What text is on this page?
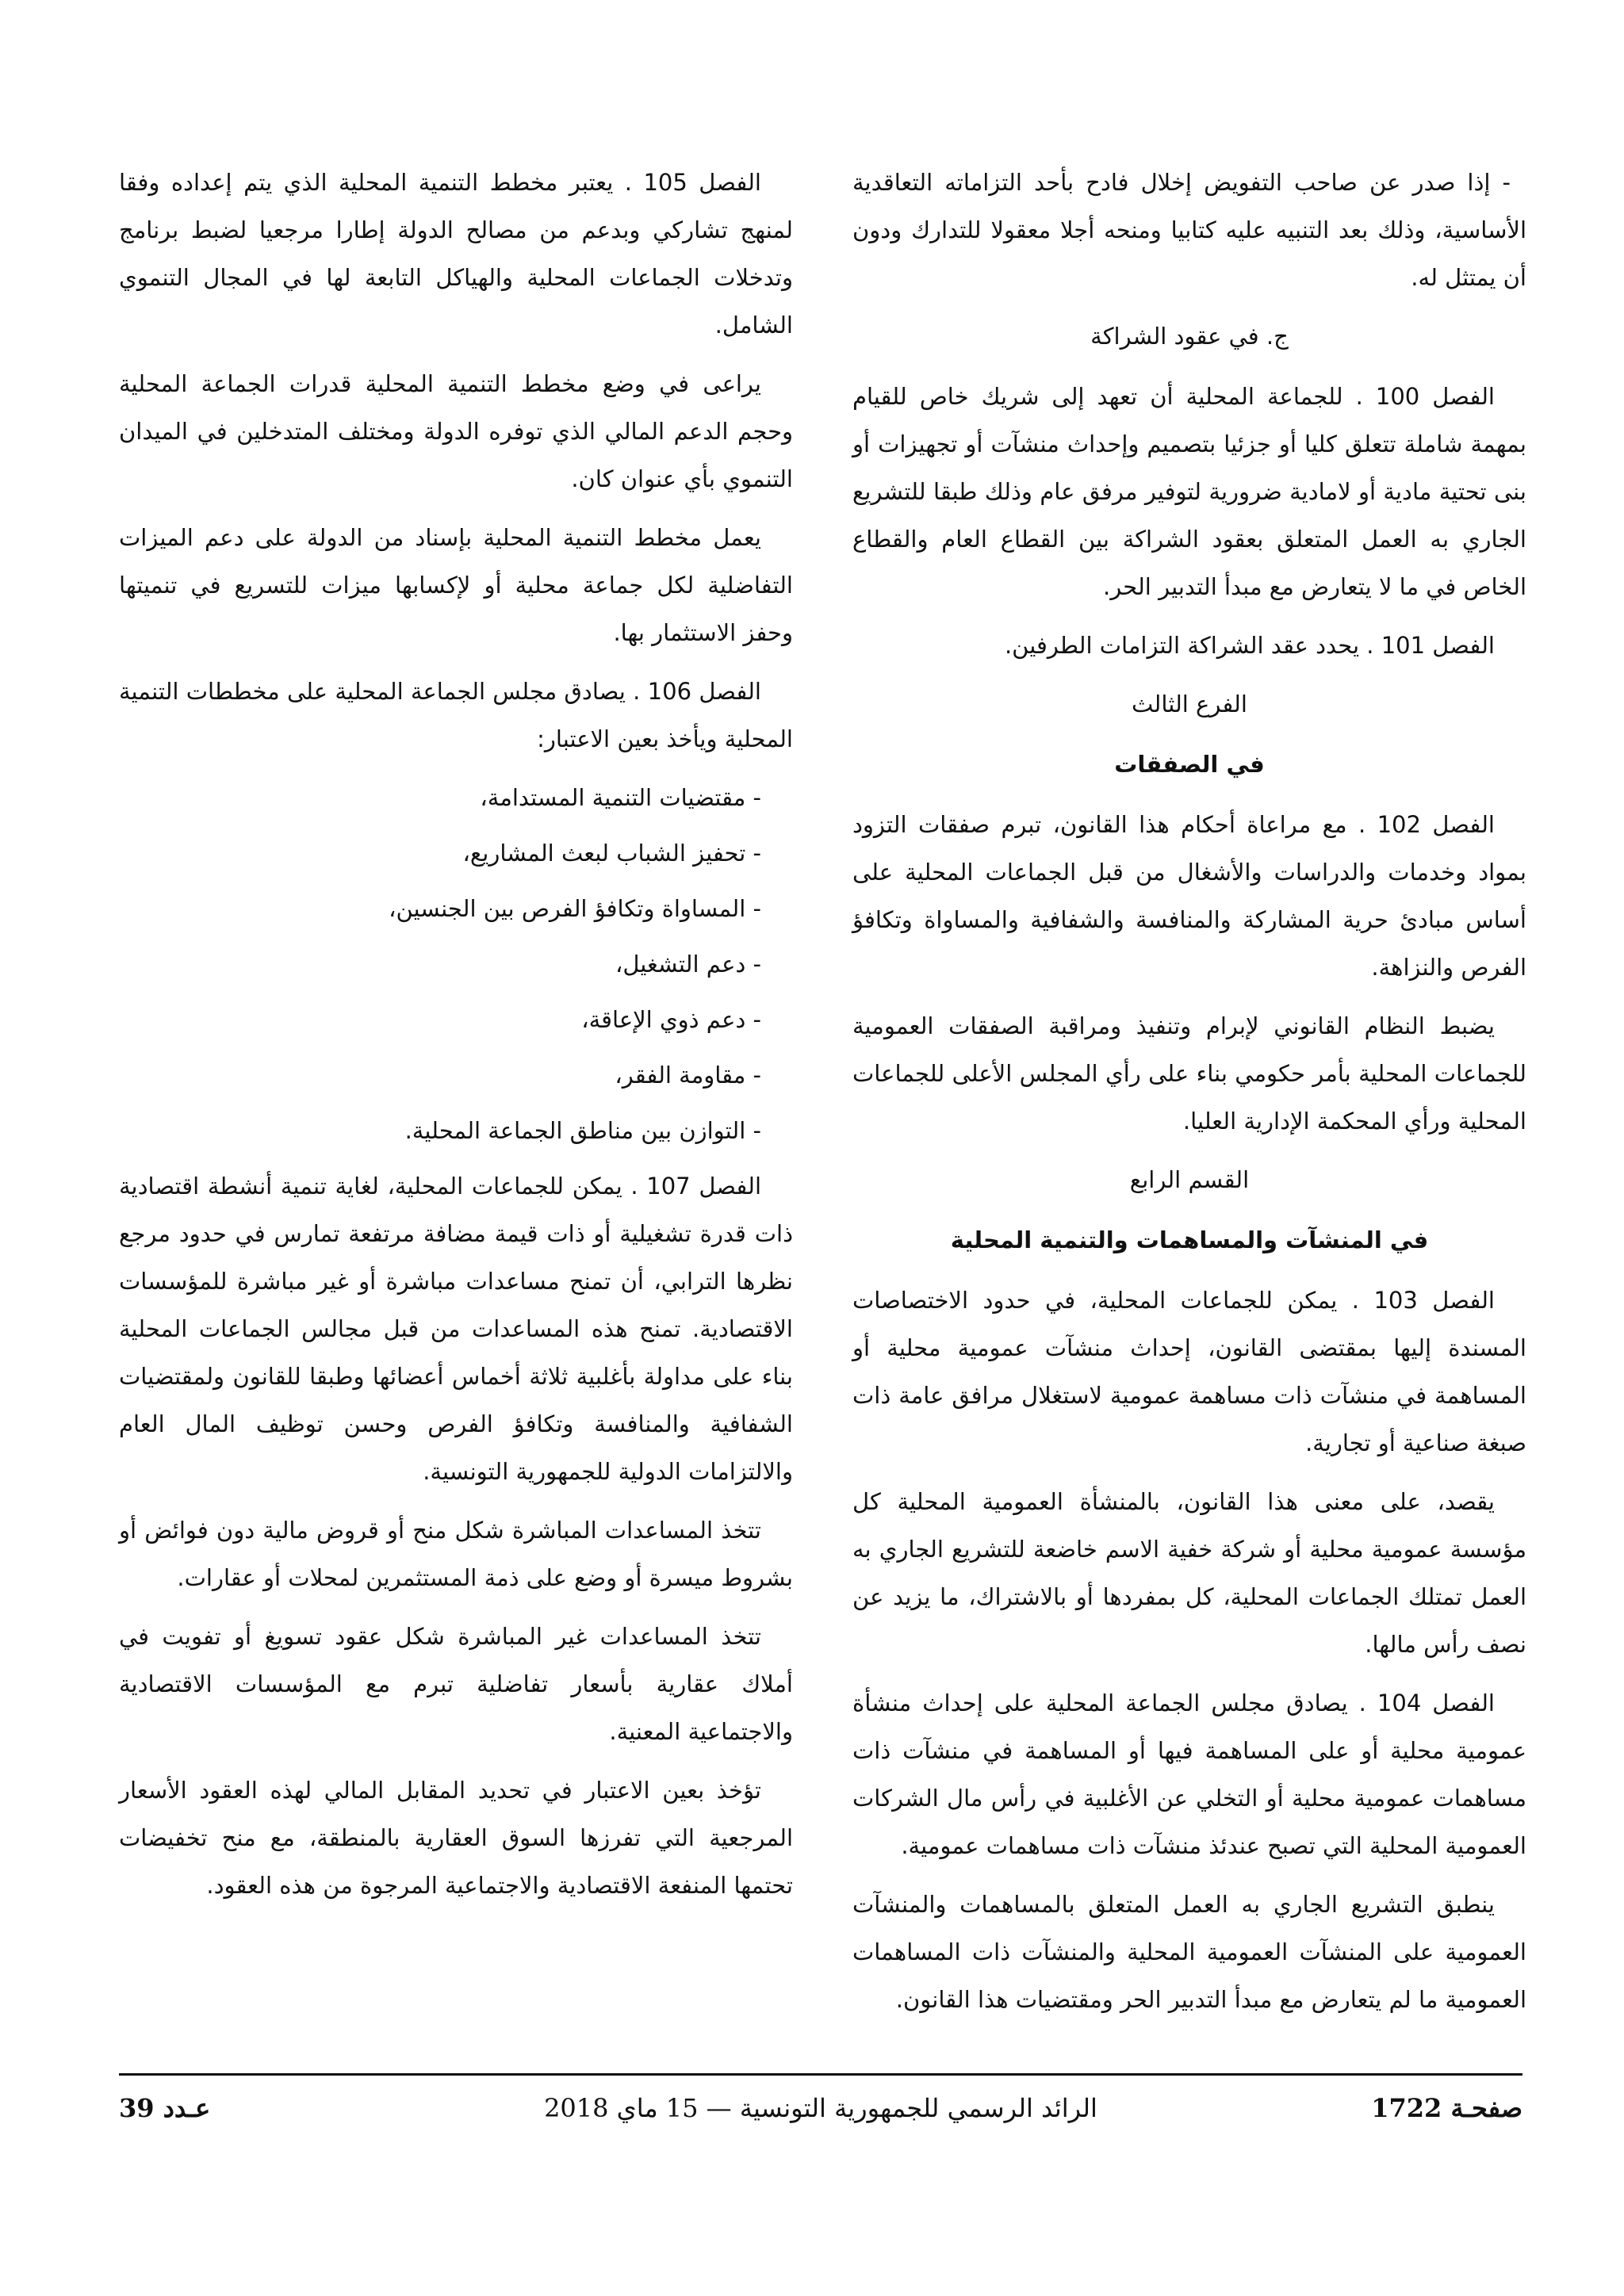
- إذا صدر عن صاحب التفويض إخلال فادح بأحد التزاماته التعاقدية الأساسية، وذلك بعد التنبيه عليه كتابيا ومنحه أجلا معقولا للتدارك ودون أن يمتثل له.

ج. في عقود الشراكة

الفصل 100 . للجماعة المحلية أن تعهد إلى شريك خاص للقيام بمهمة شاملة تتعلق كليا أو جزئيا بتصميم وإحداث منشآت أو تجهيزات أو بنى تحتية مادية أو لامادية ضرورية لتوفير مرفق عام وذلك طبقا للتشريع الجاري به العمل المتعلق بعقود الشراكة بين القطاع العام والقطاع الخاص في ما لا يتعارض مع مبدأ التدبير الحر.

الفصل 101 . يحدد عقد الشراكة التزامات الطرفين.

الفرع الثالث

في الصفقات

الفصل 102 . مع مراعاة أحكام هذا القانون، تبرم صفقات التزود بمواد وخدمات والدراسات والأشغال من قبل الجماعات المحلية على أساس مبادئ حرية المشاركة والمنافسة والشفافية والمساواة وتكافؤ الفرص والنزاهة.

يضبط النظام القانوني لإبرام وتنفيذ ومراقبة الصفقات العمومية للجماعات المحلية بأمر حكومي بناء على رأي المجلس الأعلى للجماعات المحلية ورأي المحكمة الإدارية العليا.

القسم الرابع

في المنشآت والمساهمات والتنمية المحلية

الفصل 103 . يمكن للجماعات المحلية، في حدود الاختصاصات المسندة إليها بمقتضى القانون، إحداث منشآت عمومية محلية أو المساهمة في منشآت ذات مساهمة عمومية لاستغلال مرافق عامة ذات صبغة صناعية أو تجارية.

يقصد، على معنى هذا القانون، بالمنشأة العمومية المحلية كل مؤسسة عمومية محلية أو شركة خفية الاسم خاضعة للتشريع الجاري به العمل تمتلك الجماعات المحلية، كل بمفردها أو بالاشتراك، ما يزيد عن نصف رأس مالها.

الفصل 104 . يصادق مجلس الجماعة المحلية على إحداث منشأة عمومية محلية أو على المساهمة فيها أو المساهمة في منشآت ذات مساهمات عمومية محلية أو التخلي عن الأغلبية في رأس مال الشركات العمومية المحلية التي تصبح عندئذ منشآت ذات مساهمات عمومية.

ينطبق التشريع الجاري به العمل المتعلق بالمساهمات والمنشآت العمومية على المنشآت العمومية المحلية والمنشآت ذات المساهمات العمومية ما لم يتعارض مع مبدأ التدبير الحر ومقتضيات هذا القانون.

الفصل 105 . يعتبر مخطط التنمية المحلية الذي يتم إعداده وفقا لمنهج تشاركي وبدعم من مصالح الدولة إطارا مرجعيا لضبط برنامج وتدخلات الجماعات المحلية والهياكل التابعة لها في المجال التنموي الشامل.

يراعى في وضع مخطط التنمية المحلية قدرات الجماعة المحلية وحجم الدعم المالي الذي توفره الدولة ومختلف المتدخلين في الميدان التنموي بأي عنوان كان.

يعمل مخطط التنمية المحلية بإسناد من الدولة على دعم الميزات التفاضلية لكل جماعة محلية أو لإكسابها ميزات للتسريع في تنميتها وحفز الاستثمار بها.

الفصل 106 . يصادق مجلس الجماعة المحلية على مخططات التنمية المحلية ويأخذ بعين الاعتبار:

- مقتضيات التنمية المستدامة،

- تحفيز الشباب لبعث المشاريع،

- المساواة وتكافؤ الفرص بين الجنسين،

- دعم التشغيل،

- دعم ذوي الإعاقة،

- مقاومة الفقر،

- التوازن بين مناطق الجماعة المحلية.

الفصل 107 . يمكن للجماعات المحلية، لغاية تنمية أنشطة اقتصادية ذات قدرة تشغيلية أو ذات قيمة مضافة مرتفعة تمارس في حدود مرجع نظرها الترابي، أن تمنح مساعدات مباشرة أو غير مباشرة للمؤسسات الاقتصادية. تمنح هذه المساعدات من قبل مجالس الجماعات المحلية بناء على مداولة بأغلبية ثلاثة أخماس أعضائها وطبقا للقانون ولمقتضيات الشفافية والمنافسة وتكافؤ الفرص وحسن توظيف المال العام والالتزامات الدولية للجمهورية التونسية.

تتخذ المساعدات المباشرة شكل منح أو قروض مالية دون فوائض أو بشروط ميسرة أو وضع على ذمة المستثمرين لمحلات أو عقارات.

تتخذ المساعدات غير المباشرة شكل عقود تسويغ أو تفويت في أملاك عقارية بأسعار تفاضلية تبرم مع المؤسسات الاقتصادية والاجتماعية المعنية.

تؤخذ بعين الاعتبار في تحديد المقابل المالي لهذه العقود الأسعار المرجعية التي تفرزها السوق العقارية بالمنطقة، مع منح تخفيضات تحتمها المنفعة الاقتصادية والاجتماعية المرجوة من هذه العقود.

صفحـة 1722
الرائد الرسمي للجمهورية التونسية — 15 ماي 2018
عـدد 39
